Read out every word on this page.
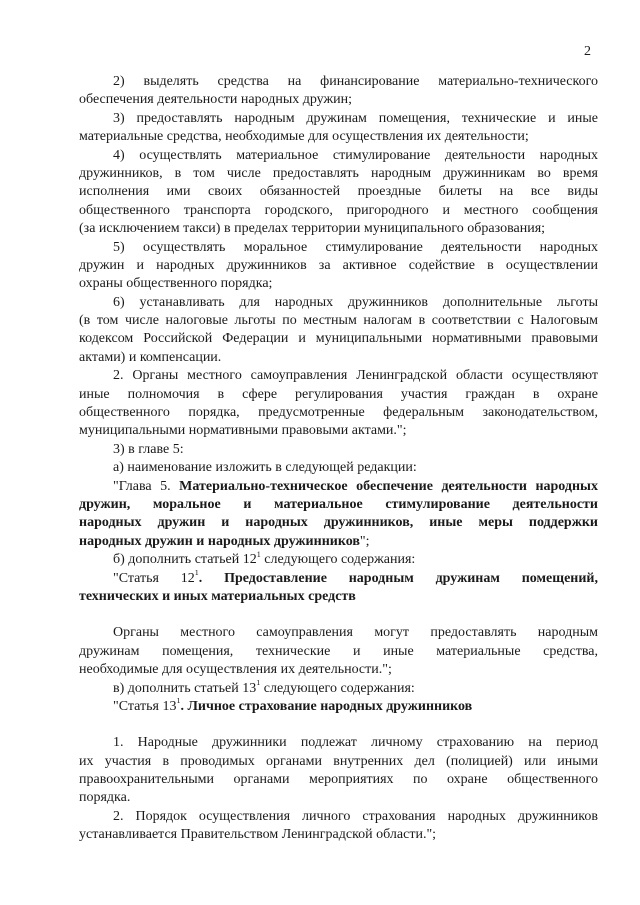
2
2) выделять средства на финансирование материально-технического
обеспечения деятельности народных дружин;
3) предоставлять народным дружинам помещения, технические и иные
материальные средства, необходимые для осуществления их деятельности;
4) осуществлять материальное стимулирование деятельности народных
дружинников, в том числе предоставлять народным дружинникам во время
исполнения ими своих обязанностей проездные билеты на все виды
общественного транспорта городского, пригородного и местного сообщения
(за исключением такси) в пределах территории муниципального образования;
5) осуществлять моральное стимулирование деятельности народных
дружин и народных дружинников за активное содействие в осуществлении
охраны общественного порядка;
6) устанавливать для народных дружинников дополнительные льготы
(в том числе налоговые льготы по местным налогам в соответствии с Налоговым
кодексом Российской Федерации и муниципальными нормативными правовыми
актами) и компенсации.
2. Органы местного самоуправления Ленинградской области осуществляют
иные полномочия в сфере регулирования участия граждан в охране
общественного порядка, предусмотренные федеральным законодательством,
муниципальными нормативными правовыми актами.";
3) в главе 5:
а) наименование изложить в следующей редакции:
"Глава 5. Материально-техническое обеспечение деятельности народных
дружин, моральное и материальное стимулирование деятельности
народных дружин и народных дружинников, иные меры поддержки
народных дружин и народных дружинников";
б) дополнить статьей $12^1$ следующего содержания:
"Статья $12^1$. Предоставление народным дружинам помещений,
технических и иных материальных средств
Органы местного самоуправления могут предоставлять народным
дружинам помещения, технические и иные материальные средства,
необходимые для осуществления их деятельности.";
в) дополнить статьей $13^1$ следующего содержания:
"Статья $13^1$. Личное страхование народных дружинников
1. Народные дружинники подлежат личному страхованию на период
их участия в проводимых органами внутренних дел (полицией) или иными
правоохранительными органами мероприятиях по охране общественного
порядка.
2. Порядок осуществления личного страхования народных дружинников
устанавливается Правительством Ленинградской области.";
